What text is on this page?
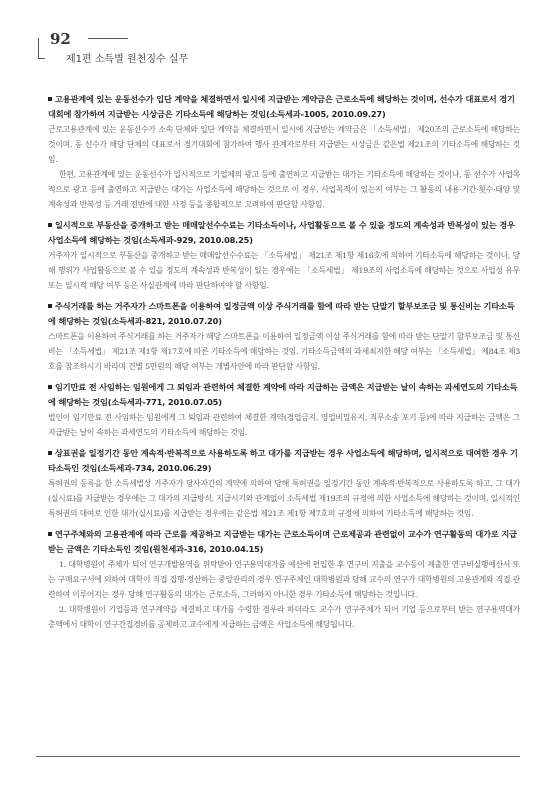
92
제1편 소득별 원천징수 실무
고용관계에 있는 운동선수가 입단 계약을 체결하면서 일시에 지급받는 계약금은 근로소득에 해당하는 것이며, 선수가 대표로서 경기대회에 참가하여 지급받는 시상금은 기타소득에 해당하는 것임(소득세과-1005, 2010.09.27)

근로고용관계에 있는 운동선수가 소속 단체와 입단 계약을 체결하면서 일시에 지급받는 계약금은 「소득세법」 제20조의 근로소득에 해당하는 것이며, 동 선수가 해당 단체의 대표로서 경기대회에 참가하여 행사 관계자로부터 지급받는 시상금은 같은법 제21조의 기타소득에 해당하는 것임.

한편, 고용관계에 있는 운동선수가 일시적으로 기업체의 광고 등에 출연하고 지급받는 대가는 기타소득에 해당하는 것이나, 동 선수가 사업목적으로 광고 등에 출연하고 지급받는 대가는 사업소득에 해당하는 것으로 이 경우, 사업목적이 있는지 여부는 그 활동의 내용·기간·횟수·태양 및 계속성과 반복성 등 거래 전반에 대한 사정 등을 종합적으로 고려하여 판단할 사항임.

일시적으로 부동산을 중개하고 받는 매매알선수수료는 기타소득이나, 사업활동으로 볼 수 있을 정도의 계속성과 반복성이 있는 경우 사업소득에 해당하는 것임(소득세과-929, 2010.08.25)

거주자가 일시적으로 부동산을 중개하고 받는 매매알선수수료는 「소득세법」 제21조 제1항 제16호에 의하여 기타소득에 해당하는 것이나, 당해 행위가 사업활동으로 볼 수 있을 정도의 계속성과 반복성이 있는 경우에는 「소득세법」 제19조의 사업소득에 해당하는 것으로 사업성 유무 또는 일시적 해당 여부 등은 사실관계에 따라 판단하여야 할 사항임.

주식거래를 하는 거주자가 스마트폰을 이용하여 일정금액 이상 주식거래를 함에 따라 받는 단말기 할부보조금 및 통신비는 기타소득에 해당하는 것임(소득세과-821, 2010.07.20)

스마트폰을 이용하여 주식거래를 하는 거주자가 해당 스마트폰을 이용하여 일정금액 이상 주식거래를 함에 따라 받는 단말기 할부보조금 및 통신비는 「소득세법」 제21조 제1항 제17호에 따른 기타소득에 해당하는 것임. 기타소득금액의 과세최저한 해당 여부는 「소득세법」 제84조 제3호를 참조하시기 바라며 건별 5만원의 해당 여부는 개별사안에 따라 판단할 사항임.

임기만료 전 사임하는 임원에게 그 퇴임과 관련하여 체결한 계약에 따라 지급하는 금액은 지급받는 날이 속하는 과세연도의 기타소득에 해당하는 것임(소득세과-771, 2010.07.05)

법인이 임기만료 전 사임하는 임원에게 그 퇴임과 관련하여 체결한 계약(경업금지, 영업비밀유지, 직무소송 포기 등)에 따라 지급하는 금액은 그 지급받는 날이 속하는 과세연도의 기타소득에 해당하는 것임.

상표권을 일정기간 동안 계속적·반복적으로 사용하도록 하고 대가를 지급받는 경우 사업소득에 해당하며, 일시적으로 대여한 경우 기타소득인 것임(소득세과-734, 2010.06.29)

특허권의 등록을 한 소득세법상 거주자가 당사자간의 계약에 의하여 당해 특허권을 일정기간 동안 계속적·반복적으로 사용하도록 하고, 그 대가(실시료)를 지급받는 경우에는 그 대가의 지급방식, 지급시기와 관계없이 소득세법 제19조의 규정에 의한 사업소득에 해당하는 것이며, 일시적인 특허권의 대여로 인한 대가(실시료)를 지급받는 경우에는 같은법 제21조 제1항 제7호의 규정에 의하여 기타소득에 해당하는 것임.

연구주체와의 고용관계에 따라 근로를 제공하고 지급받는 대가는 근로소득이며 근로제공과 관련없이 교수가 연구활동의 대가로 지급받는 금액은 기타소득인 것임(원천세과-316, 2010.04.15)

1. 대학병원이 주체가 되어 연구개발용역을 위탁받아 연구용역대가를 예산에 편입한 후 연구비 지출을 교수등이 제출한 연구비실행예산서 또는 구매요구서에 의하여 대학이 직접 집행·정산하는 중앙관리의 경우 연구주체인 대학병원과 당해 교수의 연구가 대학병원의 고용관계와 직접 관련하여 이루어지는 경우 당해 연구활동의 대가는 근로소득, 그러하지 아니한 경우 기타소득에 해당하는 것입니다.

2. 대학병원이 기업등과 연구계약을 체결하고 대가를 수령한 경우라 하더라도 교수가 연구주체가 되어 기업 등으로부터 받는 연구용역대가 총액에서 대학이 연구간접경비를 공제하고 교수에게 지급하는 금액은 사업소득에 해당됩니다.
